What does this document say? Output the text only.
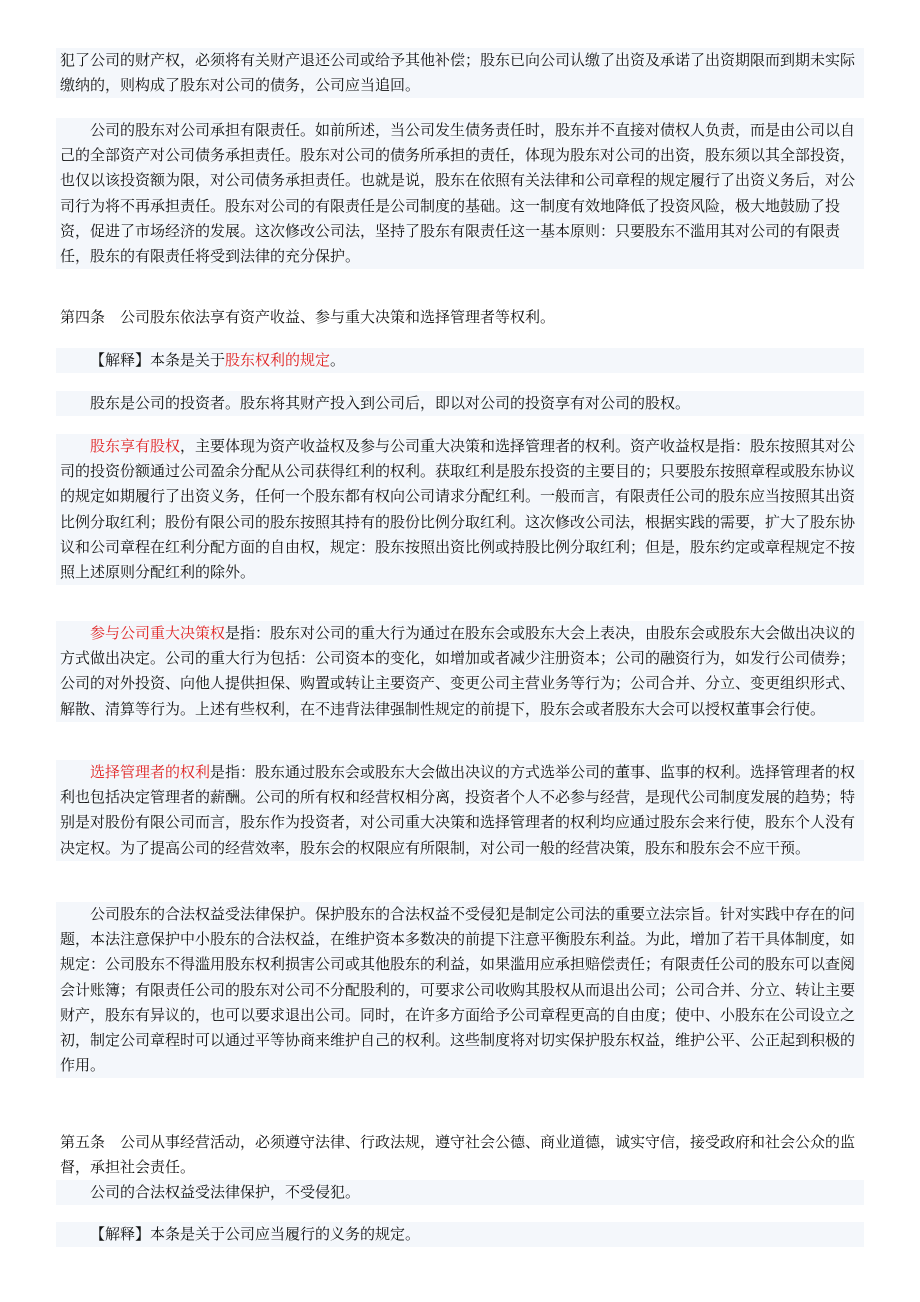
犯了公司的财产权，必须将有关财产退还公司或给予其他补偿；股东已向公司认缴了出资及承诺了出资期限而到期未实际缴纳的，则构成了股东对公司的债务，公司应当追回。

公司的股东对公司承担有限责任。如前所述，当公司发生债务责任时，股东并不直接对债权人负责，而是由公司以自己的全部资产对公司债务承担责任。股东对公司的债务所承担的责任，体现为股东对公司的出资，股东须以其全部投资，也仅以该投资额为限，对公司债务承担责任。也就是说，股东在依照有关法律和公司章程的规定履行了出资义务后，对公司行为将不再承担责任。股东对公司的有限责任是公司制度的基础。这一制度有效地降低了投资风险，极大地鼓励了投资，促进了市场经济的发展。这次修改公司法，坚持了股东有限责任这一基本原则：只要股东不滥用其对公司的有限责任，股东的有限责任将受到法律的充分保护。

第四条　公司股东依法享有资产收益、参与重大决策和选择管理者等权利。

【解释】本条是关于股东权利的规定。

股东是公司的投资者。股东将其财产投入到公司后，即以对公司的投资享有对公司的股权。

股东享有股权，主要体现为资产收益权及参与公司重大决策和选择管理者的权利。资产收益权是指：股东按照其对公司的投资份额通过公司盈余分配从公司获得红利的权利。获取红利是股东投资的主要目的；只要股东按照章程或股东协议的规定如期履行了出资义务，任何一个股东都有权向公司请求分配红利。一般而言，有限责任公司的股东应当按照其出资比例分取红利；股份有限公司的股东按照其持有的股份比例分取红利。这次修改公司法，根据实践的需要，扩大了股东协议和公司章程在红利分配方面的自由权，规定：股东按照出资比例或持股比例分取红利；但是，股东约定或章程规定不按照上述原则分配红利的除外。

参与公司重大决策权是指：股东对公司的重大行为通过在股东会或股东大会上表决，由股东会或股东大会做出决议的方式做出决定。公司的重大行为包括：公司资本的变化，如增加或者减少注册资本；公司的融资行为，如发行公司债券；公司的对外投资、向他人提供担保、购置或转让主要资产、变更公司主营业务等行为；公司合并、分立、变更组织形式、解散、清算等行为。上述有些权利，在不违背法律强制性规定的前提下，股东会或者股东大会可以授权董事会行使。

选择管理者的权利是指：股东通过股东会或股东大会做出决议的方式选举公司的董事、监事的权利。选择管理者的权利也包括决定管理者的薪酬。公司的所有权和经营权相分离，投资者个人不必参与经营，是现代公司制度发展的趋势；特别是对股份有限公司而言，股东作为投资者，对公司重大决策和选择管理者的权利均应通过股东会来行使，股东个人没有决定权。为了提高公司的经营效率，股东会的权限应有所限制，对公司一般的经营决策，股东和股东会不应干预。

公司股东的合法权益受法律保护。保护股东的合法权益不受侵犯是制定公司法的重要立法宗旨。针对实践中存在的问题，本法注意保护中小股东的合法权益，在维护资本多数决的前提下注意平衡股东利益。为此，增加了若干具体制度，如规定：公司股东不得滥用股东权利损害公司或其他股东的利益，如果滥用应承担赔偿责任；有限责任公司的股东可以查阅会计账簿；有限责任公司的股东对公司不分配股利的，可要求公司收购其股权从而退出公司；公司合并、分立、转让主要财产，股东有异议的，也可以要求退出公司。同时，在许多方面给予公司章程更高的自由度；使中、小股东在公司设立之初，制定公司章程时可以通过平等协商来维护自己的权利。这些制度将对切实保护股东权益，维护公平、公正起到积极的作用。

第五条　公司从事经营活动，必须遵守法律、行政法规，遵守社会公德、商业道德，诚实守信，接受政府和社会公众的监督，承担社会责任。

公司的合法权益受法律保护，不受侵犯。

【解释】本条是关于公司应当履行的义务的规定。
